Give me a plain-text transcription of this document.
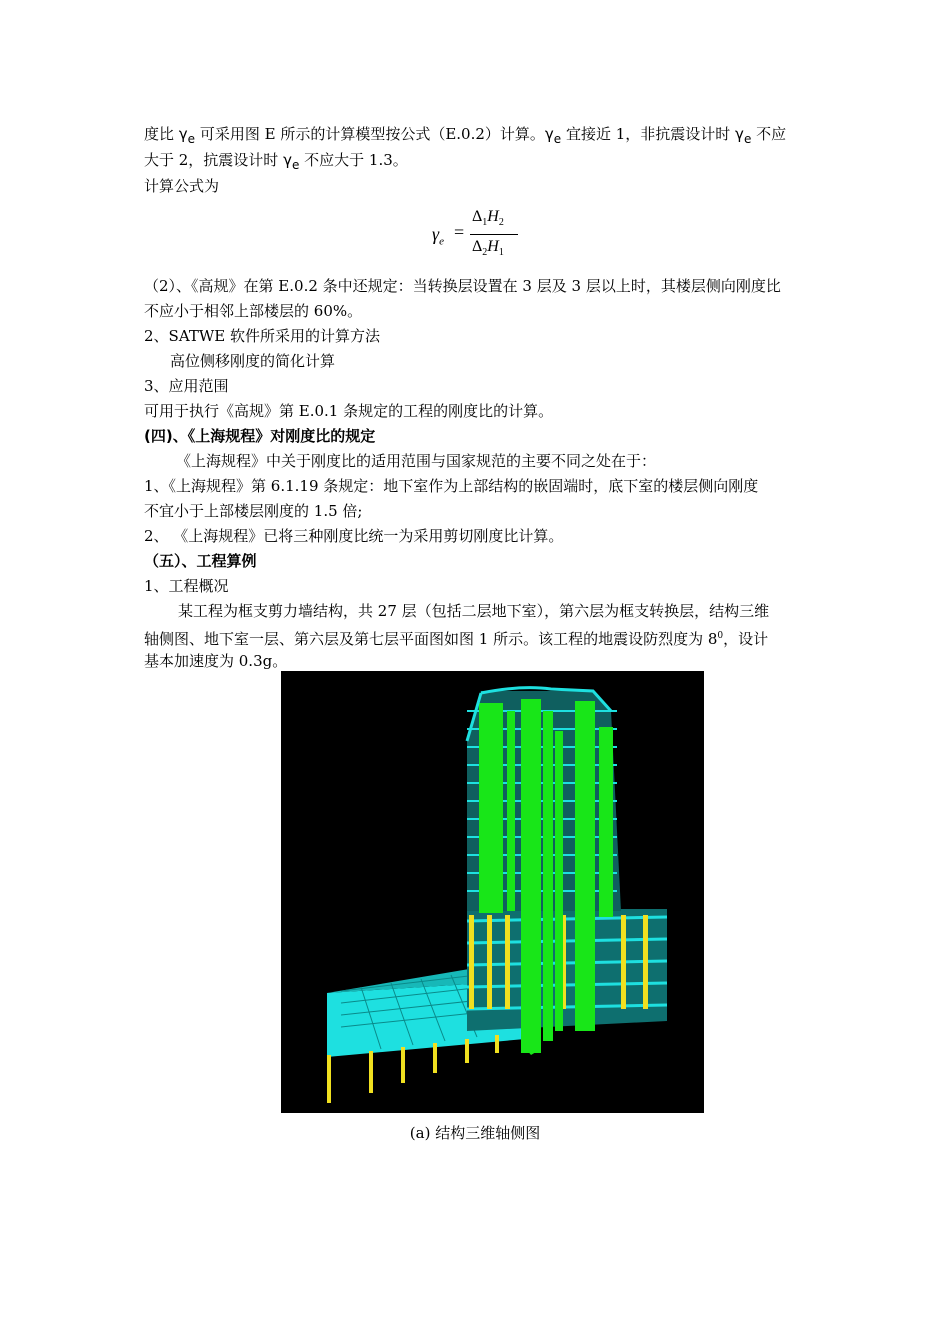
度比 $\gamma_e$ 可采用图 E 所示的计算模型按公式（E.0.2）计算。$\gamma_e$ 宜接近 1，非抗震设计时 $\gamma_e$ 不应
大于 2，抗震设计时 $\gamma_e$ 不应大于 1.3。
计算公式为
$\gamma_e$ =
$\Delta_1H_2$
$\Delta_2H_1$
（2）、《高规》在第 E.0.2 条中还规定：当转换层设置在 3 层及 3 层以上时，其楼层侧向刚度比
不应小于相邻上部楼层的 60%。
2、SATWE 软件所采用的计算方法
高位侧移刚度的简化计算
3、应用范围
可用于执行《高规》第 E.0.1 条规定的工程的刚度比的计算。
(四)、《上海规程》对刚度比的规定
《上海规程》中关于刚度比的适用范围与国家规范的主要不同之处在于：
1、《上海规程》第 6.1.19 条规定：地下室作为上部结构的嵌固端时，底下室的楼层侧向刚度
不宜小于上部楼层刚度的 1.5 倍;
2、 《上海规程》已将三种刚度比统一为采用剪切刚度比计算。
（五）、工程算例
1、工程概况
某工程为框支剪力墙结构，共 27 层（包括二层地下室），第六层为框支转换层，结构三维
轴侧图、地下室一层、第六层及第七层平面图如图 1 所示。该工程的地震设防烈度为 $8^0$，设计
基本加速度为 0.3g。
(a) 结构三维轴侧图
